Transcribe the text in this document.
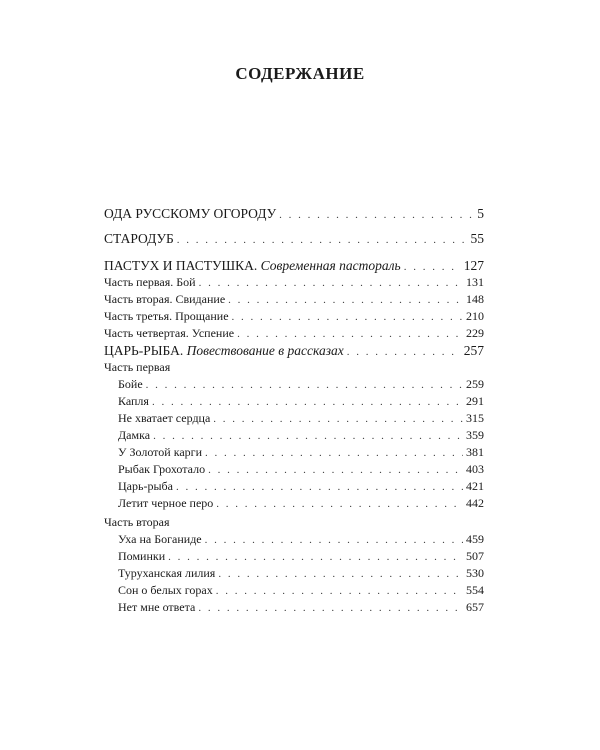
СОДЕРЖАНИЕ
ОДА РУССКОМУ ОГОРОДУ . . .	5
СТАРОДУБ . . .	55
ПАСТУХ И ПАСТУШКА. Современная пастораль . . .	127
Часть первая. Бой . . .	131
Часть вторая. Свидание . . .	148
Часть третья. Прощание . . .	210
Часть четвертая. Успение . . .	229
ЦАРЬ-РЫБА. Повествование в рассказах . . .	257
Часть первая
Бойе . . .	259
Капля . . .	291
Не хватает сердца . . .	315
Дамка . . .	359
У Золотой карги . . .	381
Рыбак Грохотало . . .	403
Царь-рыба . . .	421
Летит черное перо . . .	442
Часть вторая
Уха на Боганиде . . .	459
Поминки . . .	507
Туруханская лилия . . .	530
Сон о белых горах . . .	554
Нет мне ответа . . .	657
